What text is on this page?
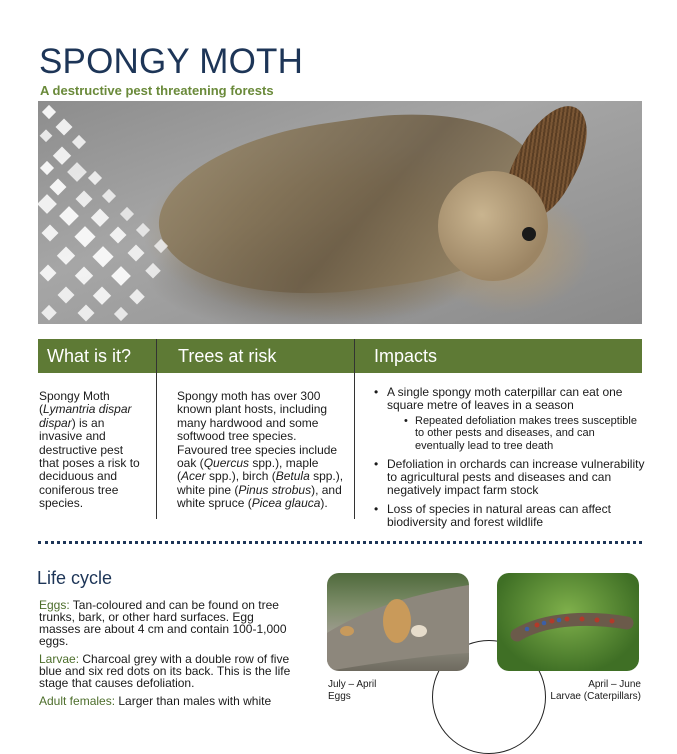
SPONGY MOTH
A destructive pest threatening forests
What is it?	Trees at risk	Impacts
Spongy Moth (Lymantria dispar dispar) is an invasive and destructive pest that poses a risk to deciduous and coniferous tree species.
Spongy moth has over 300 known plant hosts, including many hardwood and some softwood tree species. Favoured tree species include oak (Quercus spp.), maple (Acer spp.), birch (Betula spp.), white pine (Pinus strobus), and white spruce (Picea glauca).
• A single spongy moth caterpillar can eat one square metre of leaves in a season
• Repeated defoliation makes trees susceptible to other pests and diseases, and can eventually lead to tree death
• Defoliation in orchards can increase vulnerability to agricultural pests and diseases and can negatively impact farm stock
• Loss of species in natural areas can affect biodiversity and forest wildlife
Life cycle

Eggs: Tan-coloured and can be found on tree trunks, bark, or other hard surfaces. Egg masses are about 4 cm and contain 100-1,000 eggs.

Larvae: Charcoal grey with a double row of five blue and six red dots on its back. This is the life stage that causes defoliation.

Adult females: Larger than males with white

July – April
Eggs
April – June
Larvae (Caterpillars)
